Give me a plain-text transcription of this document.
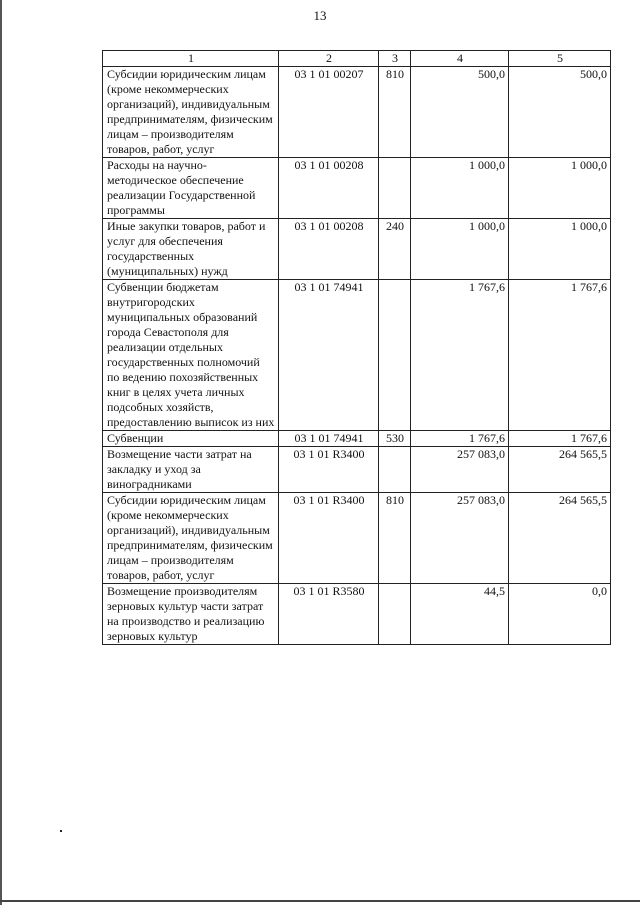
13
1	2	3	4	5
Субсидии юридическим лицам (кроме некоммерческих организаций), индивидуальным предпринимателям, физическим лицам – производителям товаров, работ, услуг	03 1 01 00207	810	500,0	500,0
Расходы на научно-методическое обеспечение реализации Государственной программы	03 1 01 00208		1 000,0	1 000,0
Иные закупки товаров, работ и услуг для обеспечения государственных (муниципальных) нужд	03 1 01 00208	240	1 000,0	1 000,0
Субвенции бюджетам внутригородских муниципальных образований города Севастополя для реализации отдельных государственных полномочий по ведению похозяйственных книг в целях учета личных подсобных хозяйств, предоставлению выписок из них	03 1 01 74941		1 767,6	1 767,6
Субвенции	03 1 01 74941	530	1 767,6	1 767,6
Возмещение части затрат на закладку и уход за виноградниками	03 1 01 R3400		257 083,0	264 565,5
Субсидии юридическим лицам (кроме некоммерческих организаций), индивидуальным предпринимателям, физическим лицам – производителям товаров, работ, услуг	03 1 01 R3400	810	257 083,0	264 565,5
Возмещение производителям зерновых культур части затрат на производство и реализацию зерновых культур	03 1 01 R3580		44,5	0,0
